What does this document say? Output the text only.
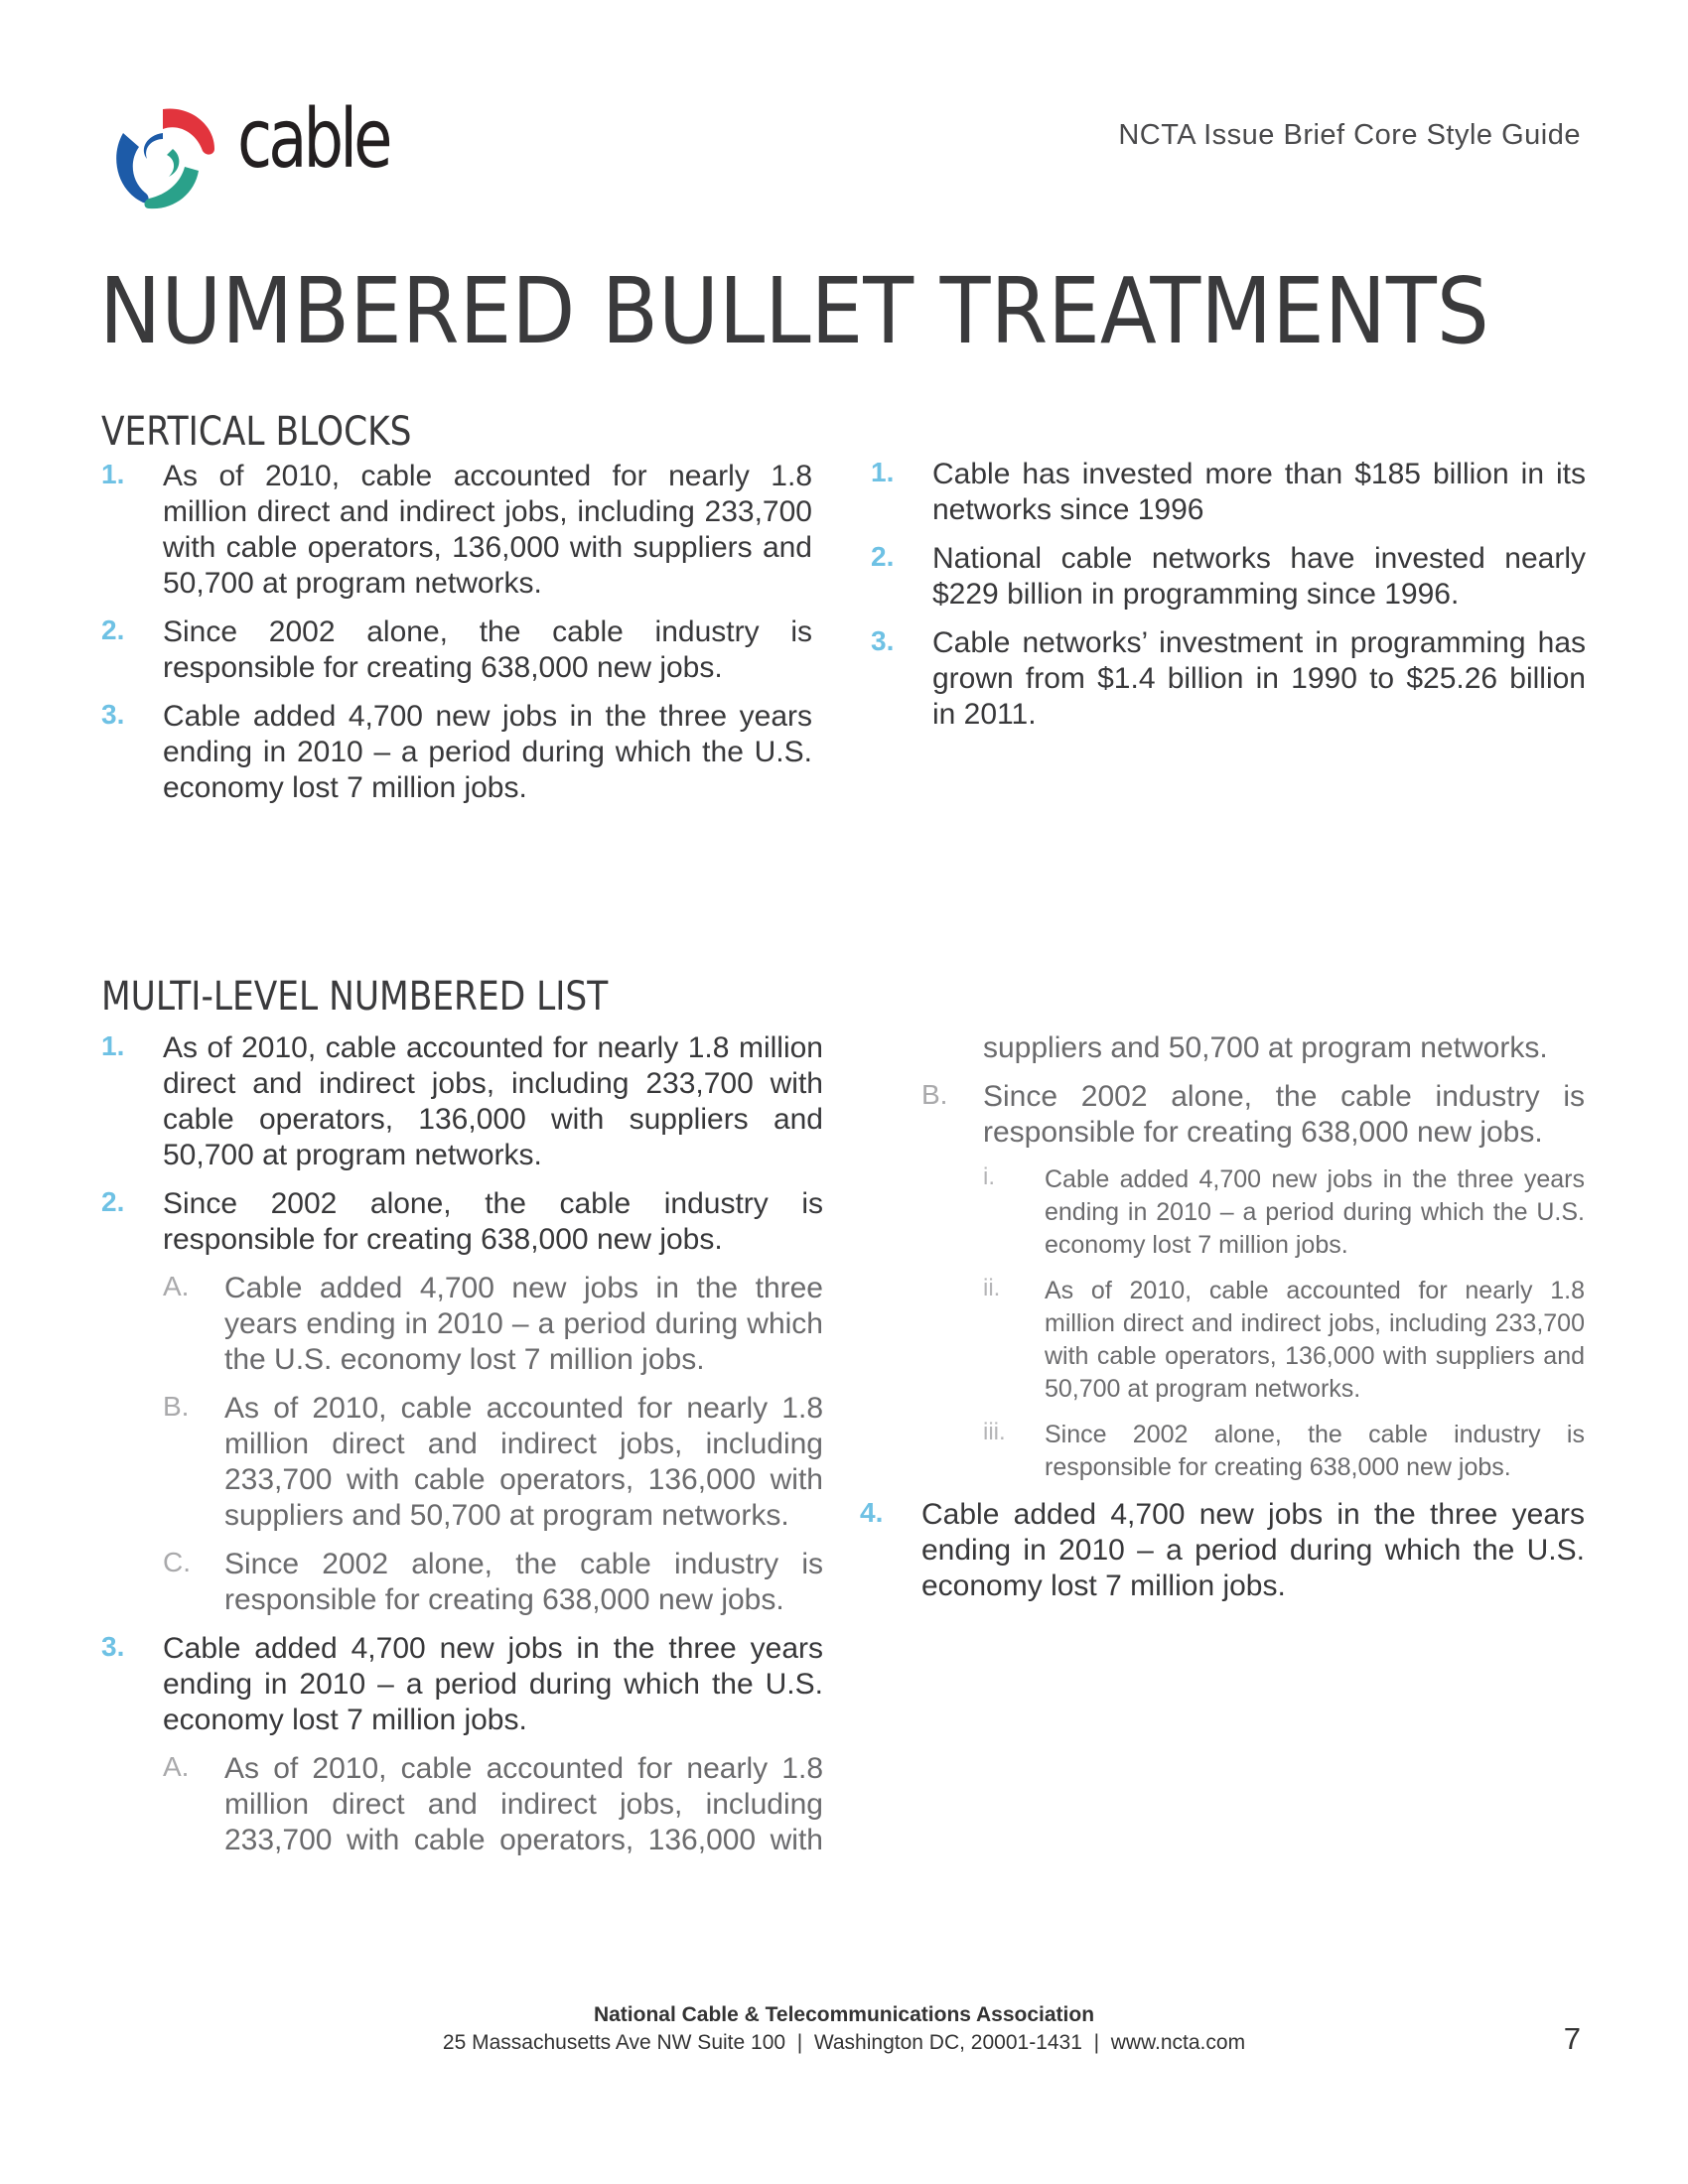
cable	NCTA Issue Brief Core Style Guide
NUMBERED BULLET TREATMENTS
VERTICAL BLOCKS
1. As of 2010, cable accounted for nearly 1.8 million direct and indirect jobs, including 233,700 with cable operators, 136,000 with suppliers and 50,700 at program networks.
2. Since 2002 alone, the cable industry is responsible for creating 638,000 new jobs.
3. Cable added 4,700 new jobs in the three years ending in 2010 – a period during which the U.S. economy lost 7 million jobs.
1. Cable has invested more than $185 billion in its networks since 1996
2. National cable networks have invested nearly $229 billion in programming since 1996.
3. Cable networks’ investment in programming has grown from $1.4 billion in 1990 to $25.26 billion in 2011.
MULTI-LEVEL NUMBERED LIST
1. As of 2010, cable accounted for nearly 1.8 million direct and indirect jobs, including 233,700 with cable operators, 136,000 with suppliers and 50,700 at program networks.
2. Since 2002 alone, the cable industry is responsible for creating 638,000 new jobs.
A. Cable added 4,700 new jobs in the three years ending in 2010 – a period during which the U.S. economy lost 7 million jobs.
B. As of 2010, cable accounted for nearly 1.8 million direct and indirect jobs, including 233,700 with cable operators, 136,000 with suppliers and 50,700 at program networks.
C. Since 2002 alone, the cable industry is responsible for creating 638,000 new jobs.
3. Cable added 4,700 new jobs in the three years ending in 2010 – a period during which the U.S. economy lost 7 million jobs.
A. As of 2010, cable accounted for nearly 1.8 million direct and indirect jobs, including 233,700 with cable operators, 136,000 with
suppliers and 50,700 at program networks.
B. Since 2002 alone, the cable industry is responsible for creating 638,000 new jobs.
i. Cable added 4,700 new jobs in the three years ending in 2010 – a period during which the U.S. economy lost 7 million jobs.
ii. As of 2010, cable accounted for nearly 1.8 million direct and indirect jobs, including 233,700 with cable operators, 136,000 with suppliers and 50,700 at program networks.
iii. Since 2002 alone, the cable industry is responsible for creating 638,000 new jobs.
4. Cable added 4,700 new jobs in the three years ending in 2010 – a period during which the U.S. economy lost 7 million jobs.
National Cable & Telecommunications Association
25 Massachusetts Ave NW Suite 100  |  Washington DC, 20001-1431  |  www.ncta.com	7
